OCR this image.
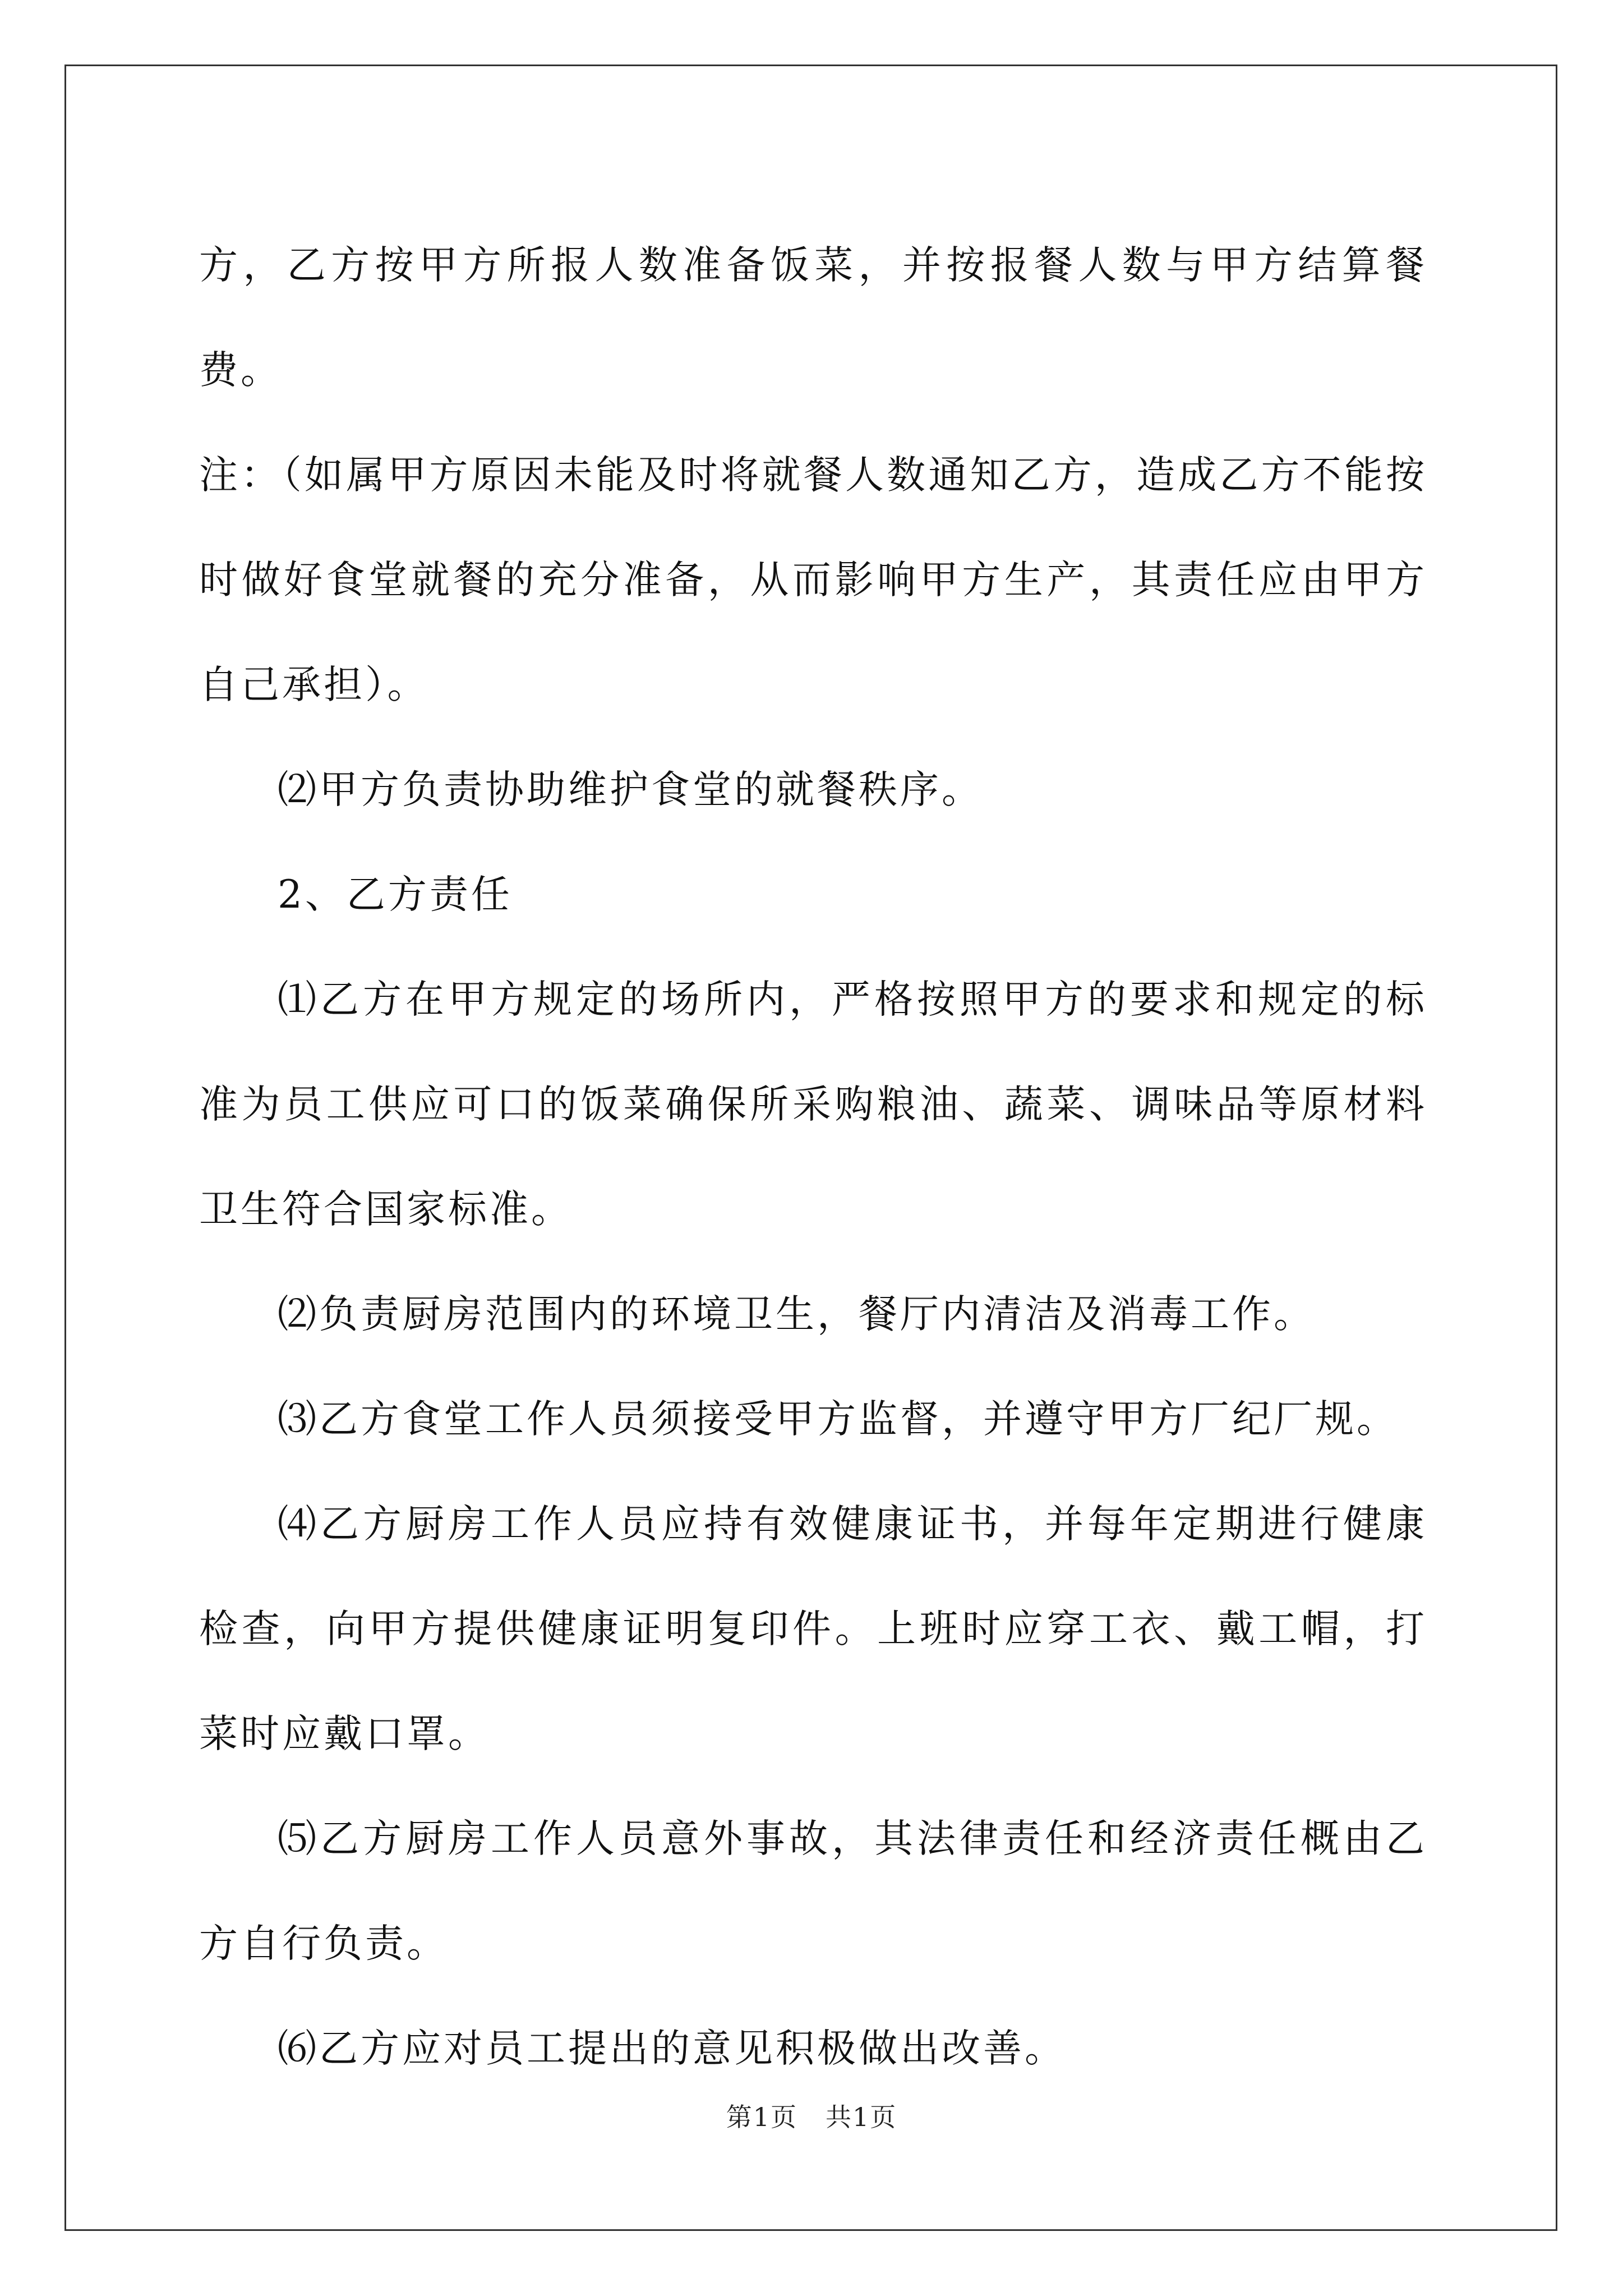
方，乙方按甲方所报人数准备饭菜，并按报餐人数与甲方结算餐费。

注：（如属甲方原因未能及时将就餐人数通知乙方，造成乙方不能按时做好食堂就餐的充分准备，从而影响甲方生产，其责任应由甲方自己承担）。

⑵甲方负责协助维护食堂的就餐秩序。

2、乙方责任

⑴乙方在甲方规定的场所内，严格按照甲方的要求和规定的标准为员工供应可口的饭菜确保所采购粮油、蔬菜、调味品等原材料卫生符合国家标准。

⑵负责厨房范围内的环境卫生，餐厅内清洁及消毒工作。

⑶乙方食堂工作人员须接受甲方监督，并遵守甲方厂纪厂规。

⑷乙方厨房工作人员应持有效健康证书，并每年定期进行健康检查，向甲方提供健康证明复印件。上班时应穿工衣、戴工帽，打菜时应戴口罩。

⑸乙方厨房工作人员意外事故，其法律责任和经济责任概由乙方自行负责。

⑹乙方应对员工提出的意见积极做出改善。

第1页 共1页
